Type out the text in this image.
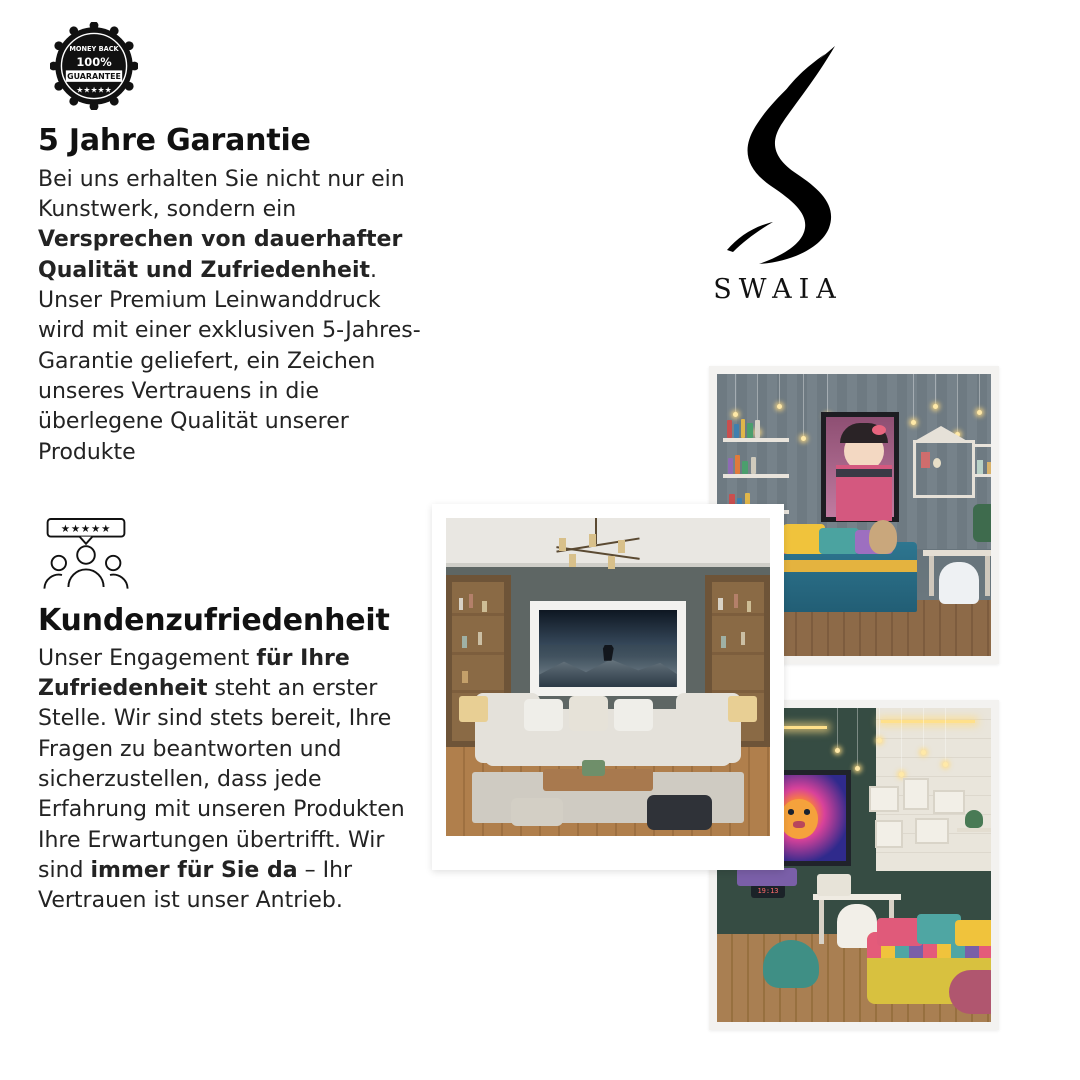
MONEY BACK
100%
GUARANTEE
★★★★★
5 Jahre Garantie

Bei uns erhalten Sie nicht nur ein Kunstwerk, sondern ein Versprechen von dauerhafter Qualität und Zufriedenheit. Unser Premium Leinwanddruck wird mit einer exklusiven 5-Jahres-Garantie geliefert, ein Zeichen unseres Vertrauens in die überlegene Qualität unserer Produkte

★★★★★
Kundenzufriedenheit

Unser Engagement für Ihre Zufriedenheit steht an erster Stelle. Wir sind stets bereit, Ihre Fragen zu beantworten und sicherzustellen, dass jede Erfahrung mit unseren Produkten Ihre Erwartungen übertrifft. Wir sind immer für Sie da – Ihr Vertrauen ist unser Antrieb.

SWAIA
19:13
